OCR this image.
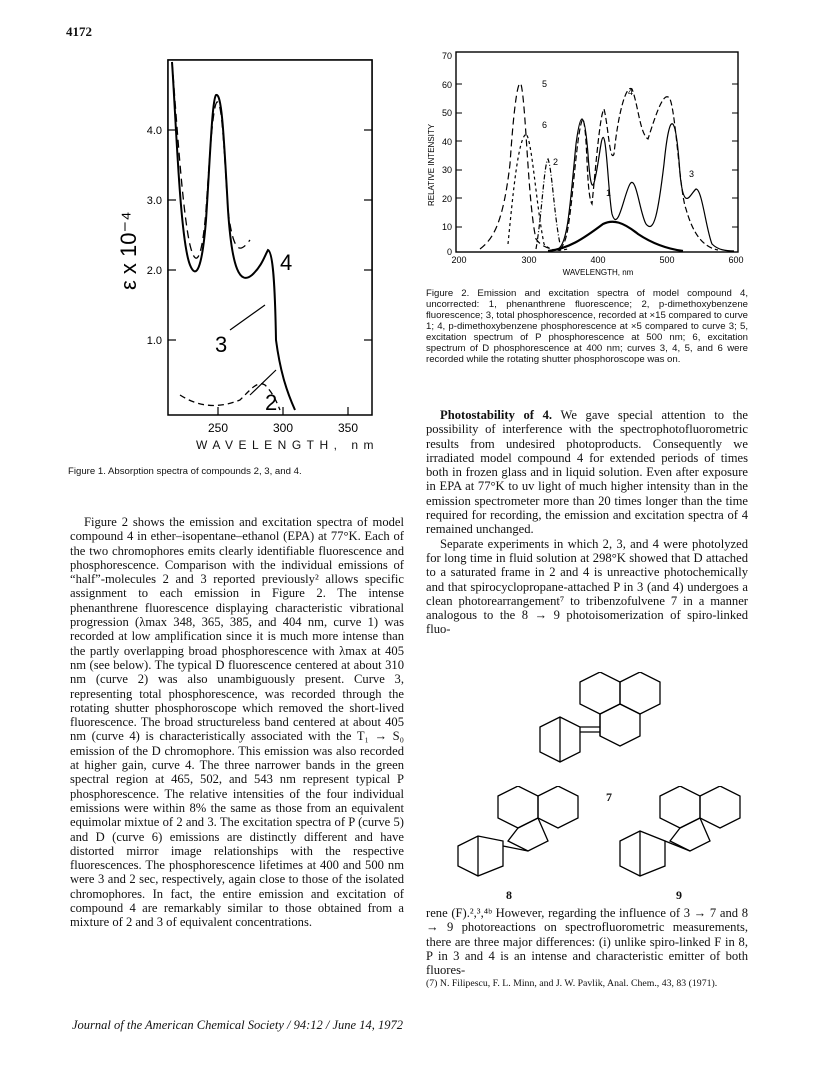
4172
4.0
3.0
2.0
1.0
ε x 10⁻⁴
250	300	350
4
3
2
WAVELENGTH, nm
Figure 1. Absorption spectra of compounds 2, 3, and 4.
70
60
50
40
30
20
10
0
RELATIVE INTENSITY
200	300	400	500	600
WAVELENGTH, nm
5
4
6
2
3
1
Figure 2. Emission and excitation spectra of model compound 4, uncorrected: 1, phenanthrene fluorescence; 2, p-dimethoxybenzene fluorescence; 3, total phosphorescence, recorded at ×15 compared to curve 1; 4, p-dimethoxybenzene phosphorescence at ×5 compared to curve 3; 5, excitation spectrum of P phosphorescence at 500 nm; 6, excitation spectrum of D phosphorescence at 400 nm; curves 3, 4, 5, and 6 were recorded while the rotating shutter phosphoroscope was on.

Figure 2 shows the emission and excitation spectra of model compound 4 in ether–isopentane–ethanol (EPA) at 77°K. Each of the two chromophores emits clearly identifiable fluorescence and phosphorescence. Comparison with the individual emissions of “half”-molecules 2 and 3 reported previously² allows specific assignment to each emission in Figure 2. The intense phenanthrene fluorescence displaying characteristic vibrational progression (λmax 348, 365, 385, and 404 nm, curve 1) was recorded at low amplification since it is much more intense than the partly overlapping broad phosphorescence with λmax at 405 nm (see below). The typical D fluorescence centered at about 310 nm (curve 2) was also unambiguously present. Curve 3, representing total phosphorescence, was recorded through the rotating shutter phosphoroscope which removed the short-lived fluorescence. The broad structureless band centered at about 405 nm (curve 4) is characteristically associated with the T₁ → S₀ emission of the D chromophore. This emission was also recorded at higher gain, curve 4. The three narrower bands in the green spectral region at 465, 502, and 543 nm represent typical P phosphorescence. The relative intensities of the four individual emissions were within 8% the same as those from an equivalent equimolar mixtue of 2 and 3. The excitation spectra of P (curve 5) and D (curve 6) emissions are distinctly different and have distorted mirror image relationships with the respective fluorescences. The phosphorescence lifetimes at 400 and 500 nm were 3 and 2 sec, respectively, again close to those of the isolated chromophores. In fact, the entire emission and excitation of compound 4 are remarkably similar to those obtained from a mixture of 2 and 3 of equivalent concentrations.

Photostability of 4. We gave special attention to the possibility of interference with the spectrophotofluorometric results from undesired photoproducts. Consequently we irradiated model compound 4 for extended periods of times both in frozen glass and in liquid solution. Even after exposure in EPA at 77°K to uv light of much higher intensity than in the emission spectrometer more than 20 times longer than the time required for recording, the emission and excitation spectra of 4 remained unchanged.

Separate experiments in which 2, 3, and 4 were photolyzed for long time in fluid solution at 298°K showed that D attached to a saturated frame in 2 and 4 is unreactive photochemically and that spirocyclopropane-attached P in 3 (and 4) undergoes a clean photorearrangement⁷ to tribenzofulvene 7 in a manner analogous to the 8 → 9 photoisomerization of spiro-linked fluo-

7
8	9

rene (F).²,³,⁴ᵇ However, regarding the influence of 3 → 7 and 8 → 9 photoreactions on spectrofluorometric measurements, there are three major differences: (i) unlike spiro-linked F in 8, P in 3 and 4 is an intense and characteristic emitter of both fluores-

(7) N. Filipescu, F. L. Minn, and J. W. Pavlik, Anal. Chem., 43, 83 (1971).
Journal of the American Chemical Society / 94:12 / June 14, 1972
